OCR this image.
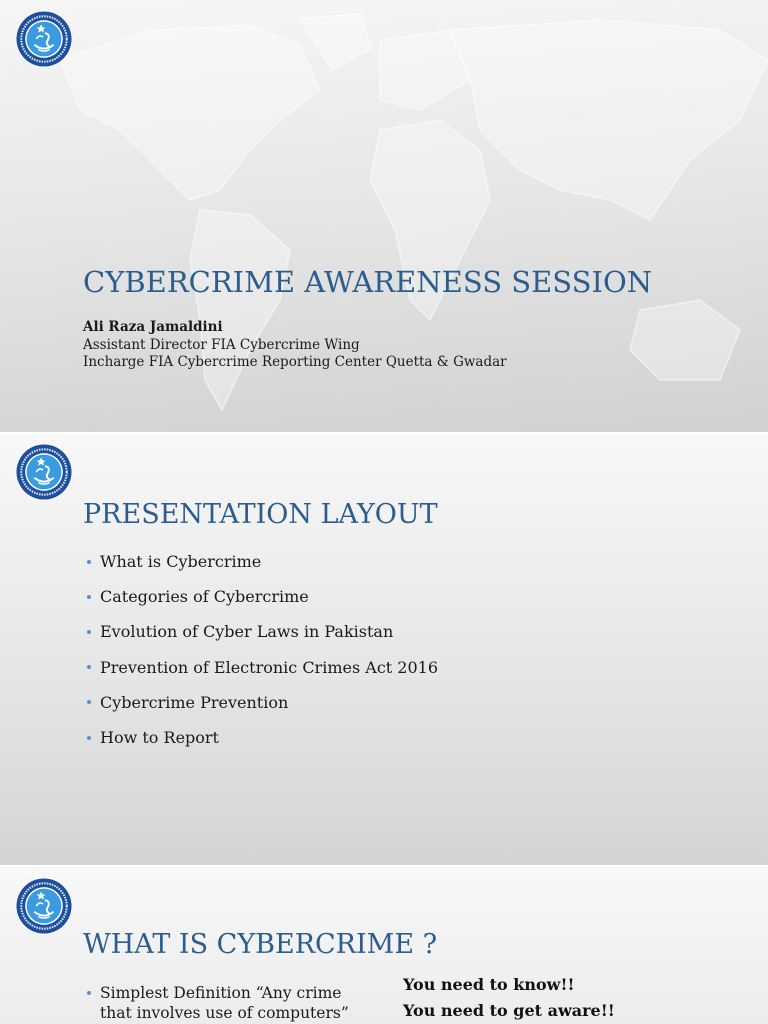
CYBERCRIME AWARENESS SESSION
Ali Raza Jamaldini
Assistant Director FIA Cybercrime Wing
Incharge FIA Cybercrime Reporting Center Quetta & Gwadar
PRESENTATION LAYOUT
What is Cybercrime
Categories of Cybercrime
Evolution of Cyber Laws in Pakistan
Prevention of Electronic Crimes Act 2016
Cybercrime Prevention
How to Report
WHAT IS CYBERCRIME ?
Simplest Definition “Any crime that involves use of computers”
You need to know!!
You need to get aware!!
